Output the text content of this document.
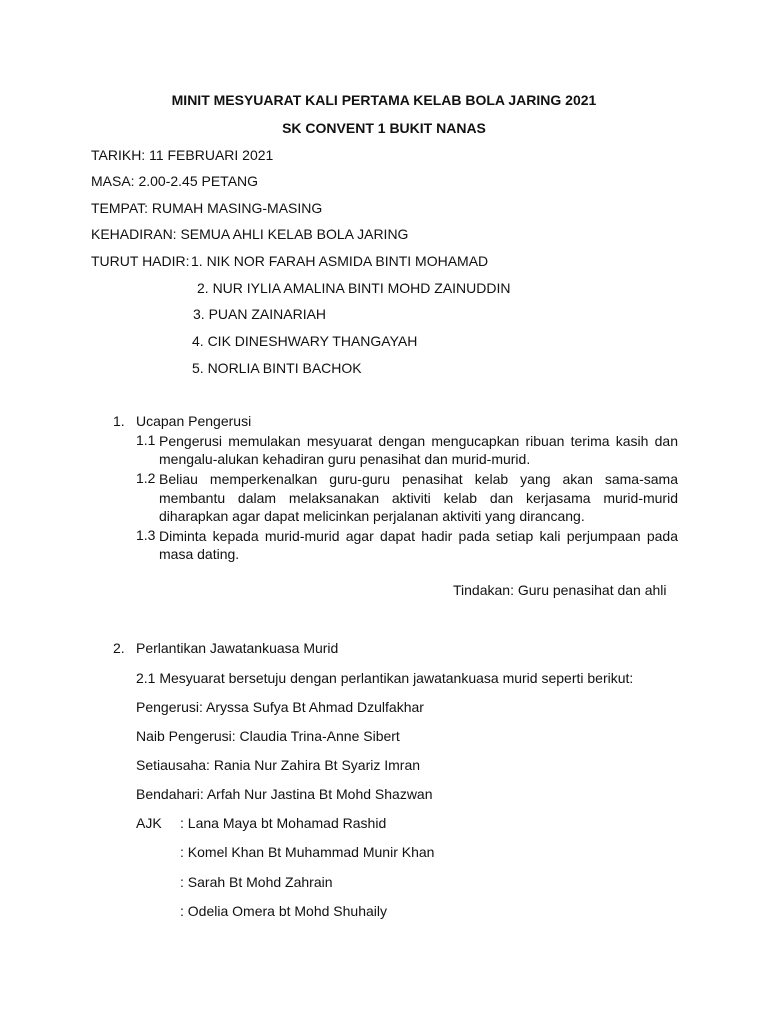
MINIT MESYUARAT KALI PERTAMA KELAB BOLA JARING 2021
SK CONVENT 1 BUKIT NANAS
TARIKH: 11 FEBRUARI 2021
MASA: 2.00-2.45 PETANG
TEMPAT: RUMAH MASING-MASING
KEHADIRAN: SEMUA AHLI KELAB BOLA JARING
TURUT HADIR: 1. NIK NOR FARAH ASMIDA BINTI MOHAMAD
2. NUR IYLIA AMALINA BINTI MOHD ZAINUDDIN
3. PUAN ZAINARIAH
4. CIK DINESHWARY THANGAYAH
5. NORLIA BINTI BACHOK
1. Ucapan Pengerusi
1.1 Pengerusi memulakan mesyuarat dengan mengucapkan ribuan terima kasih dan
mengalu-alukan kehadiran guru penasihat dan murid-murid.
1.2 Beliau memperkenalkan guru-guru penasihat kelab yang akan sama-sama
membantu dalam melaksanakan aktiviti kelab dan kerjasama murid-murid
diharapkan agar dapat melicinkan perjalanan aktiviti yang dirancang.
1.3 Diminta kepada murid-murid agar dapat hadir pada setiap kali perjumpaan pada
masa dating.
Tindakan: Guru penasihat dan ahli
2. Perlantikan Jawatankuasa Murid
2.1 Mesyuarat bersetuju dengan perlantikan jawatankuasa murid seperti berikut:
Pengerusi: Aryssa Sufya Bt Ahmad Dzulfakhar
Naib Pengerusi: Claudia Trina-Anne Sibert
Setiausaha: Rania Nur Zahira Bt Syariz Imran
Bendahari: Arfah Nur Jastina Bt Mohd Shazwan
AJK : Lana Maya bt Mohamad Rashid
: Komel Khan Bt Muhammad Munir Khan
: Sarah Bt Mohd Zahrain
: Odelia Omera bt Mohd Shuhaily
